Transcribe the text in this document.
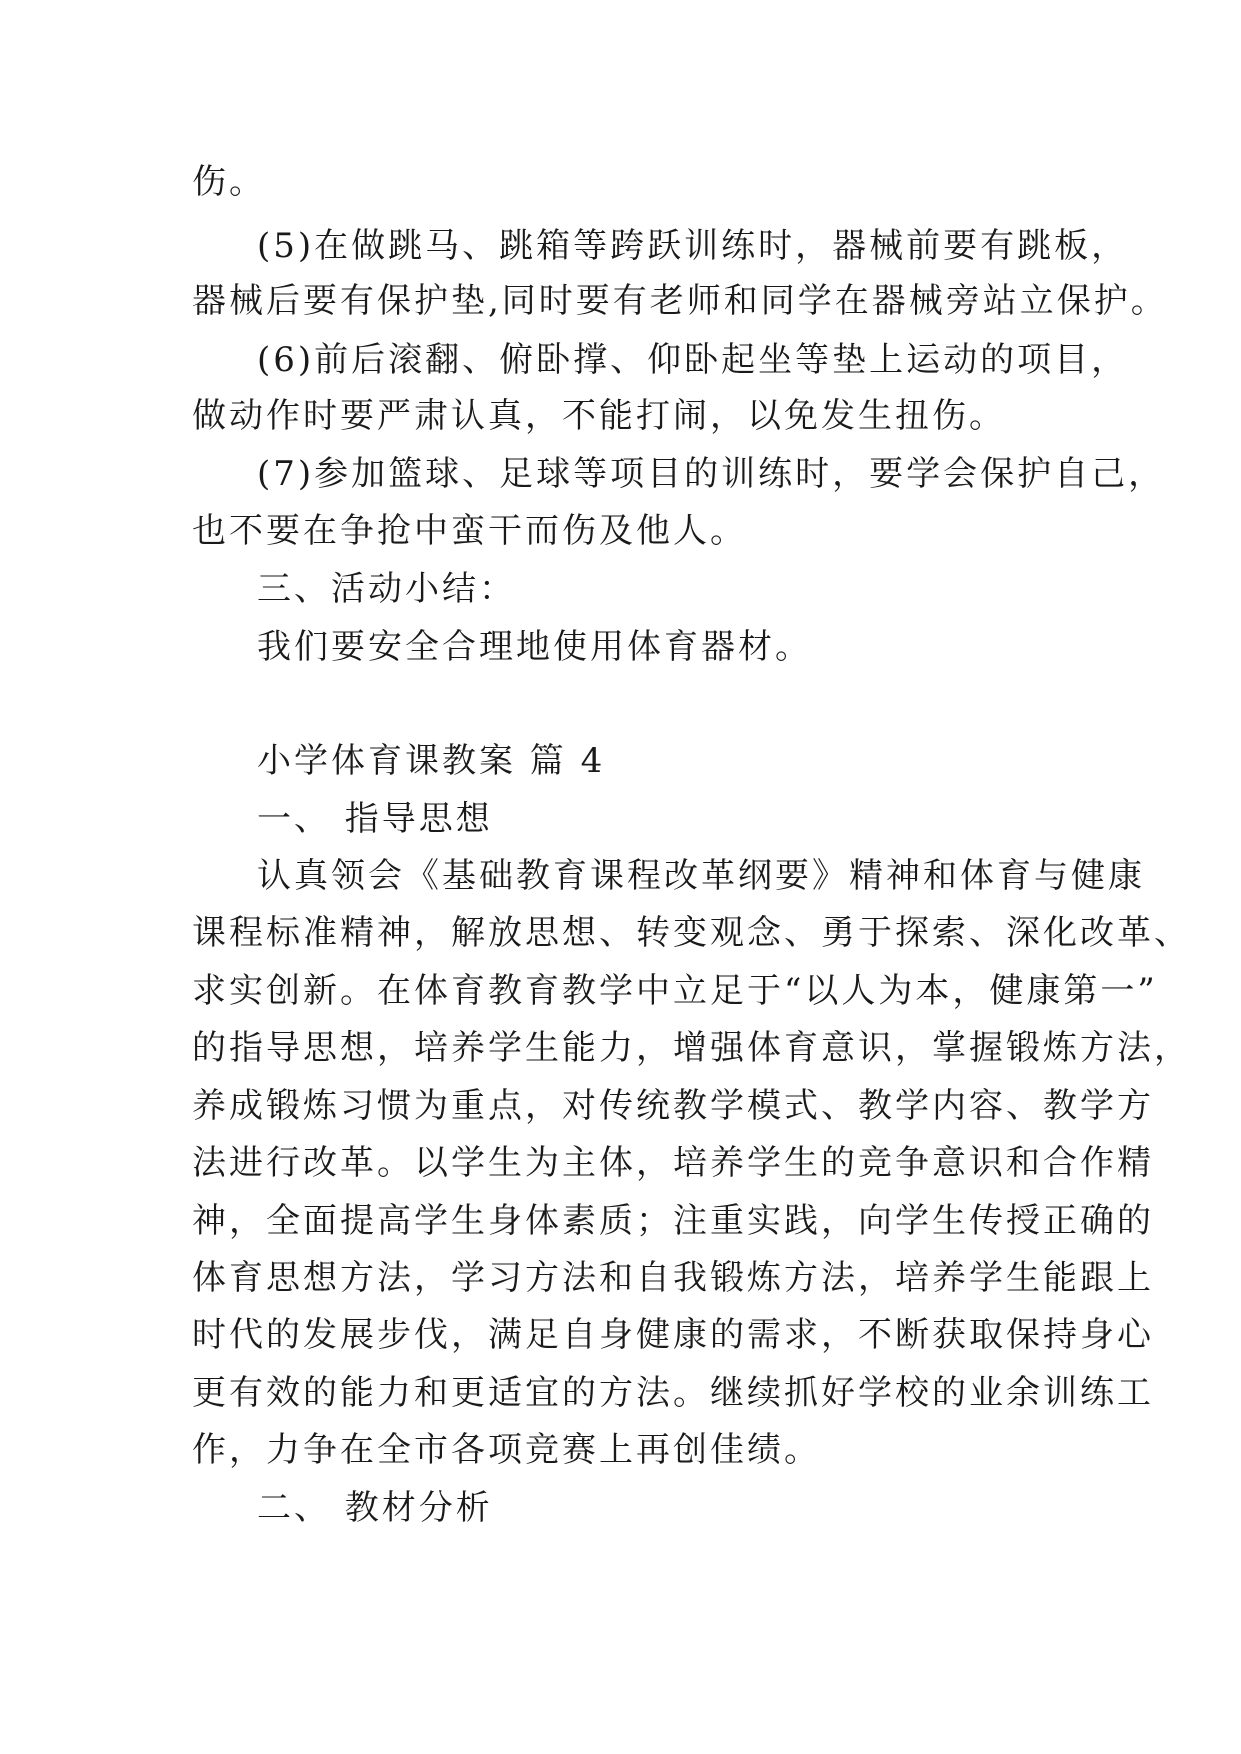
伤。

(5)在做跳马、跳箱等跨跃训练时，器械前要有跳板，

器械后要有保护垫,同时要有老师和同学在器械旁站立保护。

(6)前后滚翻、俯卧撑、仰卧起坐等垫上运动的项目，

做动作时要严肃认真，不能打闹，以免发生扭伤。

(7)参加篮球、足球等项目的训练时，要学会保护自己，

也不要在争抢中蛮干而伤及他人。

三、活动小结：

我们要安全合理地使用体育器材。

小学体育课教案 篇 4

一、 指导思想

认真领会《基础教育课程改革纲要》精神和体育与健康

课程标准精神，解放思想、转变观念、勇于探索、深化改革、

求实创新。在体育教育教学中立足于“以人为本，健康第一”

的指导思想，培养学生能力，增强体育意识，掌握锻炼方法，

养成锻炼习惯为重点，对传统教学模式、教学内容、教学方

法进行改革。以学生为主体，培养学生的竞争意识和合作精

神，全面提高学生身体素质；注重实践，向学生传授正确的

体育思想方法，学习方法和自我锻炼方法，培养学生能跟上

时代的发展步伐，满足自身健康的需求，不断获取保持身心

更有效的能力和更适宜的方法。继续抓好学校的业余训练工

作，力争在全市各项竞赛上再创佳绩。

二、 教材分析
